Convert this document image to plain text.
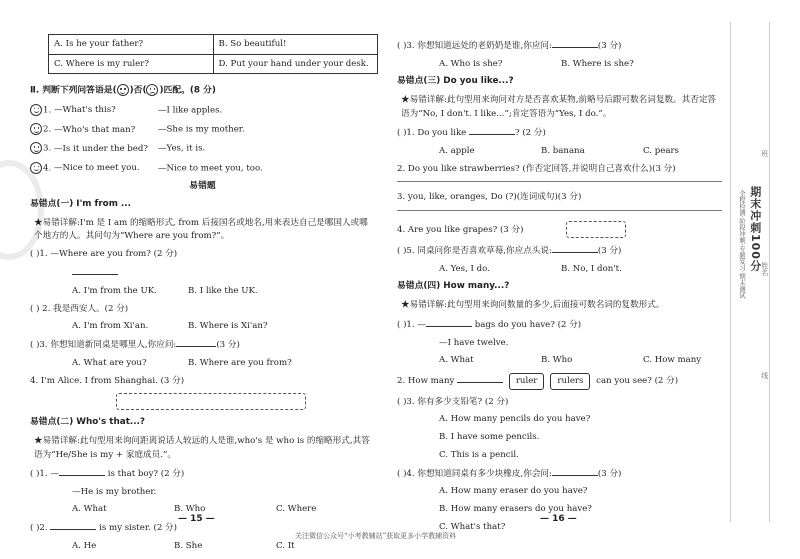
A. Is he your father?	B. So beautiful!
C. Where is my ruler?	D. Put your hand under your desk.
Ⅱ. 判断下列问答语是( )否( )匹配。(8 分)
1. —What's this?	—I like apples.
2. —Who's that man?	—She is my mother.
3. —Is it under the bed? —Yes, it is.
4. —Nice to meet you. —Nice to meet you, too.
易错题
易错点(一) I'm from ...
★易错详解:I'm 是 I am 的缩略形式, from 后接国名或地名,用来表达自己是哪国人或哪个地方的人。其问句为“Where are you from?”。
( )1. —Where are you from? (2 分)
A. I'm from the UK.	B. I like the UK.
( ) 2. 我是西安人。(2 分)
A. I'm from Xi'an.	B. Where is Xi'an?
( )3. 你想知道新同桌是哪里人,你应问:	(3 分)
A. What are you?	B. Where are you from?
4. I'm Alice. I from Shanghai. (3 分)
易错点(二) Who's that...?
★易错详解:此句型用来询问距离说话人较远的人是谁,who's 是 who is 的缩略形式,其答语为“He/She is my + 家庭成员.”。
( )1. —	is that boy? (2 分)
—He is my brother.
A. What	B. Who	C. Where
( )2.	is my sister. (2 分)
A. He	B. She	C. It
( )3. 你想知道远处的老奶奶是谁,你应问:	(3 分)
A. Who is she?	B. Where is she?
易错点(三) Do you like...?
★易错详解:此句型用来询问对方是否喜欢某物,前略号后跟可数名词复数。其否定答语为“No, I don't. I like...”;肯定答语为“Yes, I do.”。
( )1. Do you like	? (2 分)
A. apple	B. banana	C. pears
2. Do you like strawberries? (作否定回答,并说明自己喜欢什么)(3 分)
3. you, like, oranges, Do (?)(连词成句)(3 分)
4. Are you like grapes? (3 分)
( )5. 同桌问你是否喜欢草莓,你应点头说:	(3 分)
A. Yes, I do.	B. No, I don't.
易错点(四) How many...?
★易错详解:此句型用来询问数量的多少,后面接可数名词的复数形式。
( )1. —	bags do you have? (2 分)
—I have twelve.
A. What	B. Who	C. How many
2. How many	ruler rulers can you see? (2 分)
( )3. 你有多少支铅笔? (2 分)
A. How many pencils do you have?
B. I have some pencils.
C. This is a pencil.
( )4. 你想知道同桌有多少块橡皮,你会问:	(3 分)
A. How many eraser do you have?
B. How many erasers do you have?
C. What's that?
— 15 —	— 16 —
关注微信公众号“小考教辅站”获取更多小学教辅资料
班
姓名
线
期末冲刺100分
全程检测·阶段冲刺·专题复习·期末测试
